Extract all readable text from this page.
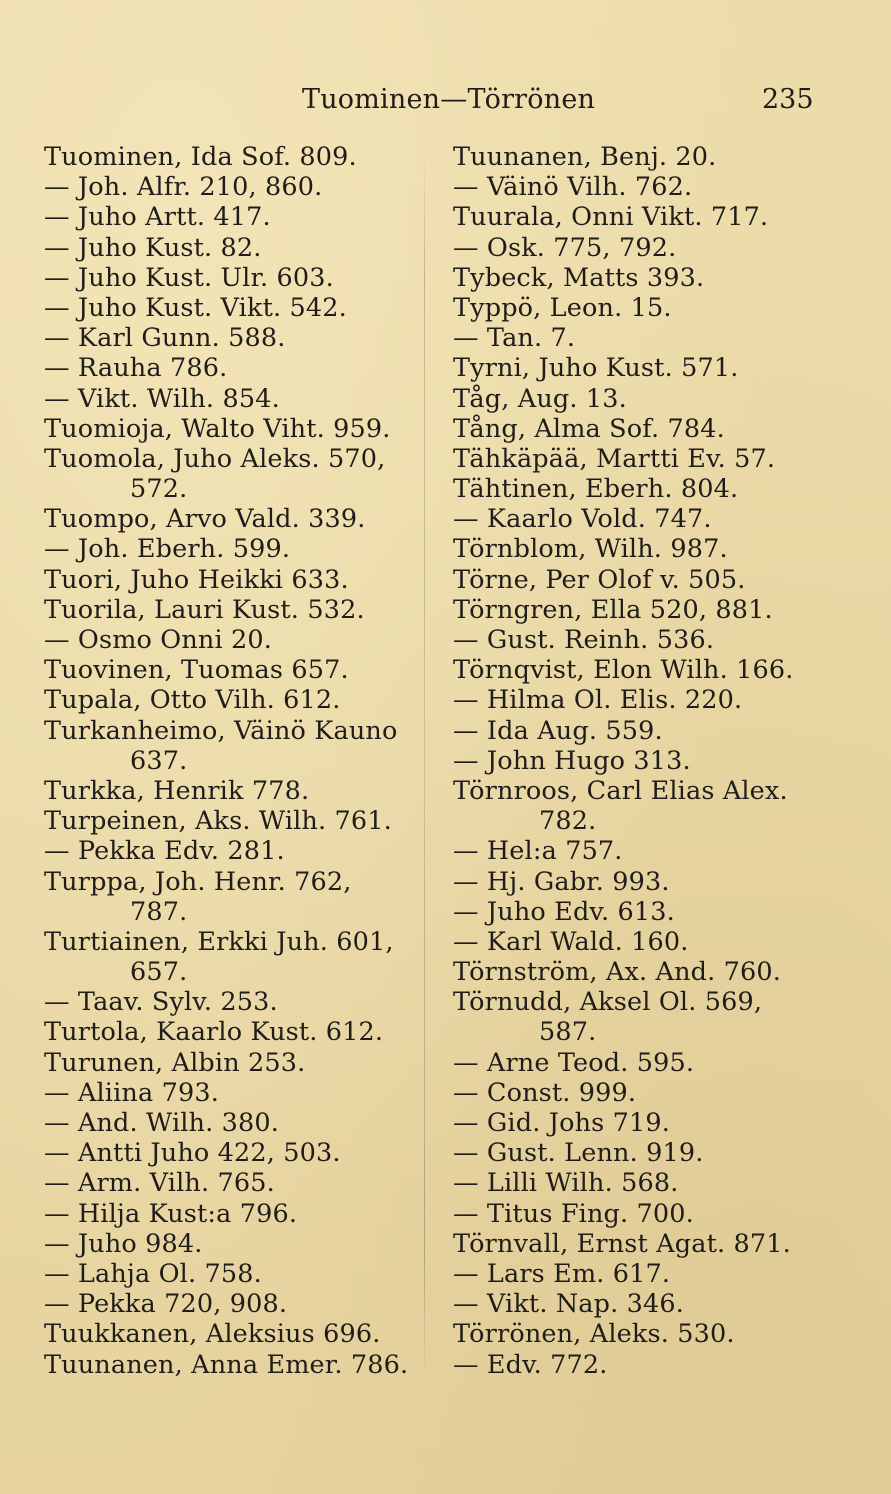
Tuominen—Törrönen	235
Tuominen, Ida Sof. 809.
— Joh. Alfr. 210, 860.
— Juho Artt. 417.
— Juho Kust. 82.
— Juho Kust. Ulr. 603.
— Juho Kust. Vikt. 542.
— Karl Gunn. 588.
— Rauha 786.
— Vikt. Wilh. 854.
Tuomioja, Walto Viht. 959.
Tuomola, Juho Aleks. 570,
572.
Tuompo, Arvo Vald. 339.
— Joh. Eberh. 599.
Tuori, Juho Heikki 633.
Tuorila, Lauri Kust. 532.
— Osmo Onni 20.
Tuovinen, Tuomas 657.
Tupala, Otto Vilh. 612.
Turkanheimo, Väinö Kauno
637.
Turkka, Henrik 778.
Turpeinen, Aks. Wilh. 761.
— Pekka Edv. 281.
Turppa, Joh. Henr. 762,
787.
Turtiainen, Erkki Juh. 601,
657.
— Taav. Sylv. 253.
Turtola, Kaarlo Kust. 612.
Turunen, Albin 253.
— Aliina 793.
— And. Wilh. 380.
— Antti Juho 422, 503.
— Arm. Vilh. 765.
— Hilja Kust:a 796.
— Juho 984.
— Lahja Ol. 758.
— Pekka 720, 908.
Tuukkanen, Aleksius 696.
Tuunanen, Anna Emer. 786.
Tuunanen, Benj. 20.
— Väinö Vilh. 762.
Tuurala, Onni Vikt. 717.
— Osk. 775, 792.
Tybeck, Matts 393.
Typpö, Leon. 15.
— Tan. 7.
Tyrni, Juho Kust. 571.
Tåg, Aug. 13.
Tång, Alma Sof. 784.
Tähkäpää, Martti Ev. 57.
Tähtinen, Eberh. 804.
— Kaarlo Vold. 747.
Törnblom, Wilh. 987.
Törne, Per Olof v. 505.
Törngren, Ella 520, 881.
— Gust. Reinh. 536.
Törnqvist, Elon Wilh. 166.
— Hilma Ol. Elis. 220.
— Ida Aug. 559.
— John Hugo 313.
Törnroos, Carl Elias Alex.
782.
— Hel:a 757.
— Hj. Gabr. 993.
— Juho Edv. 613.
— Karl Wald. 160.
Törnström, Ax. And. 760.
Törnudd, Aksel Ol. 569,
587.
— Arne Teod. 595.
— Const. 999.
— Gid. Johs 719.
— Gust. Lenn. 919.
— Lilli Wilh. 568.
— Titus Fing. 700.
Törnvall, Ernst Agat. 871.
— Lars Em. 617.
— Vikt. Nap. 346.
Törrönen, Aleks. 530.
— Edv. 772.
